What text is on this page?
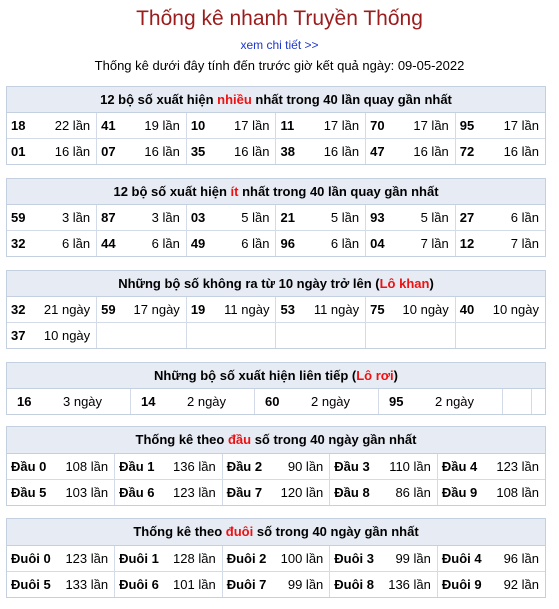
Thống kê nhanh Truyền Thống
xem chi tiết >>
Thống kê dưới đây tính đến trước giờ kết quả ngày: 09-05-2022
12 bộ số xuất hiện nhiều nhất trong 40 lần quay gần nhất
18 22 lần	41 19 lần	10 17 lần	11 17 lần	70 17 lần	95 17 lần

01 16 lần	07 16 lần	35 16 lần	38 16 lần	47 16 lần	72 16 lần
12 bộ số xuất hiện ít nhất trong 40 lần quay gần nhất
59 3 lần	87 3 lần	03 5 lần	21 5 lần	93 5 lần	27 6 lần

32 6 lần	44 6 lần	49 6 lần	96 6 lần	04 7 lần	12 7 lần
Những bộ số không ra từ 10 ngày trở lên (Lô khan)
32 21 ngày	59 17 ngày	19 11 ngày	53 11 ngày	75 10 ngày	40 10 ngày

37 10 ngày					

Những bộ số xuất hiện liên tiếp (Lô rơi)
16 3 ngày	14 2 ngày	60 2 ngày	95 2 ngày	
Thống kê theo đầu số trong 40 ngày gần nhất
Đầu 0 108 lần	Đầu 1 136 lần	Đầu 2 90 lần	Đầu 3 110 lần	Đầu 4 123 lần

Đầu 5 103 lần	Đầu 6 123 lần	Đầu 7 120 lần	Đầu 8 86 lần	Đầu 9 108 lần
Thống kê theo đuôi số trong 40 ngày gần nhất
Đuôi 0 123 lần	Đuôi 1 128 lần	Đuôi 2 100 lần	Đuôi 3 99 lần	Đuôi 4 96 lần

Đuôi 5 133 lần	Đuôi 6 101 lần	Đuôi 7 99 lần	Đuôi 8 136 lần	Đuôi 9 92 lần
